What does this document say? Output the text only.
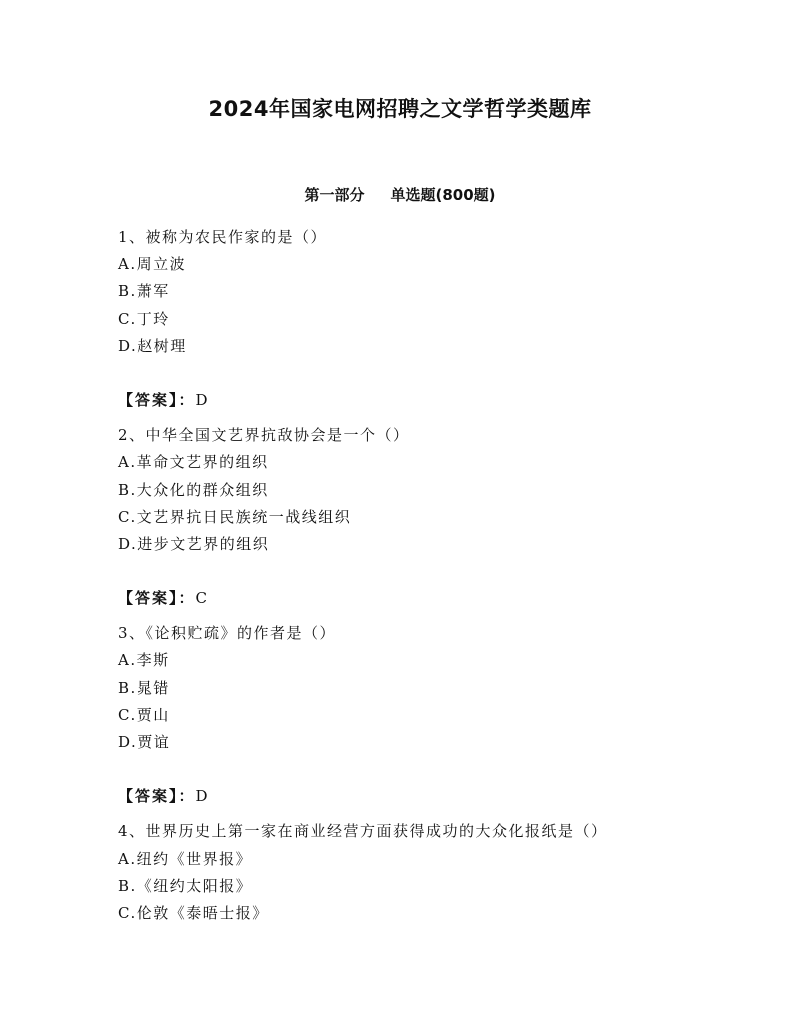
2024年国家电网招聘之文学哲学类题库
第一部分 单选题(800题)
1、被称为农民作家的是（）
A.周立波
B.萧军
C.丁玲
D.赵树理
【答案】：D
2、中华全国文艺界抗敌协会是一个（）
A.革命文艺界的组织
B.大众化的群众组织
C.文艺界抗日民族统一战线组织
D.进步文艺界的组织
【答案】：C
3、《论积贮疏》的作者是（）
A.李斯
B.晁错
C.贾山
D.贾谊
【答案】：D
4、世界历史上第一家在商业经营方面获得成功的大众化报纸是（）
A.纽约《世界报》
B.《纽约太阳报》
C.伦敦《泰晤士报》
